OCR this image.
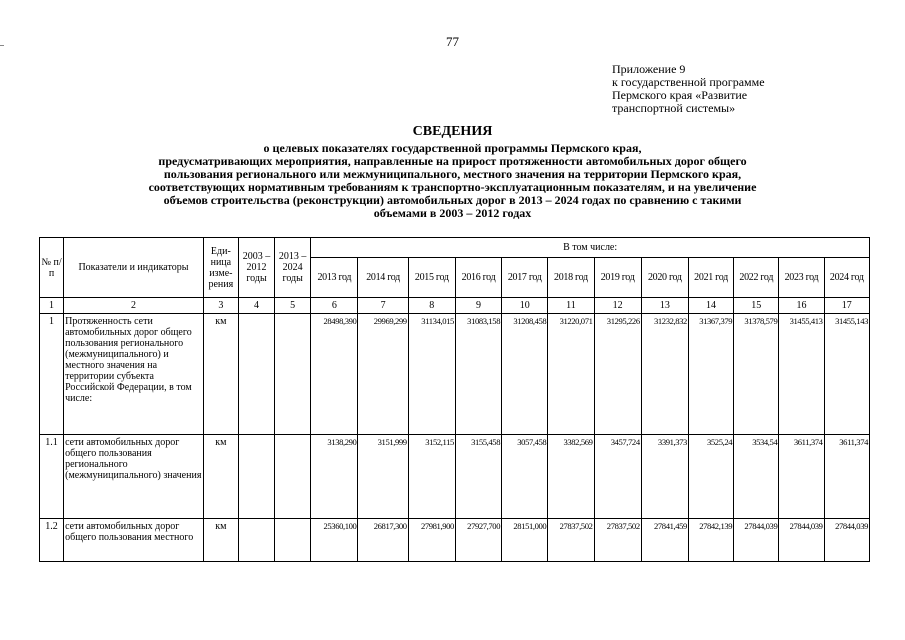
77
Приложение 9
к государственной программе
Пермского края «Развитие
транспортной системы»
СВЕДЕНИЯ
о целевых показателях государственной программы Пермского края,
предусматривающих мероприятия, направленные на прирост протяженности автомобильных дорог общего
пользования регионального или межмуниципального, местного значения на территории Пермского края,
соответствующих нормативным требованиям к транспортно-эксплуатационным показателям, и на увеличение
объемов строительства (реконструкции) автомобильных дорог в 2013 – 2024 годах по сравнению с такими
объемами в 2003 – 2012 годах
№ п/п	Показатели и индикаторы	Еди-ница изме-рения	2003 – 2012 годы	2013 – 2024 годы	В том числе:											
					2013 год	2014 год	2015 год	2016 год	2017 год	2018 год	2019 год	2020 год	2021 год	2022 год	2023 год	2024 год
1	2	3	4	5	6	7	8	9	10	11	12	13	14	15	16	17
1	Протяженность сети автомобильных дорог общего пользования регионального (межмуниципального) и местного значения на территории субъекта Российской Федерации, в том числе:	км			28498,390	29969,299	31134,015	31083,158	31208,458	31220,071	31295,226	31232,832	31367,379	31378,579	31455,413	31455,143
1.1	сети автомобильных дорог общего пользования регионального (межмуниципального) значения	км			3138,290	3151,999	3152,115	3155,458	3057,458	3382,569	3457,724	3391,373	3525,24	3534,54	3611,374	3611,374
1.2	сети автомобильных дорог общего пользования местного	км			25360,100	26817,300	27981,900	27927,700	28151,000	27837,502	27837,502	27841,459	27842,139	27844,039	27844,039	27844,039
